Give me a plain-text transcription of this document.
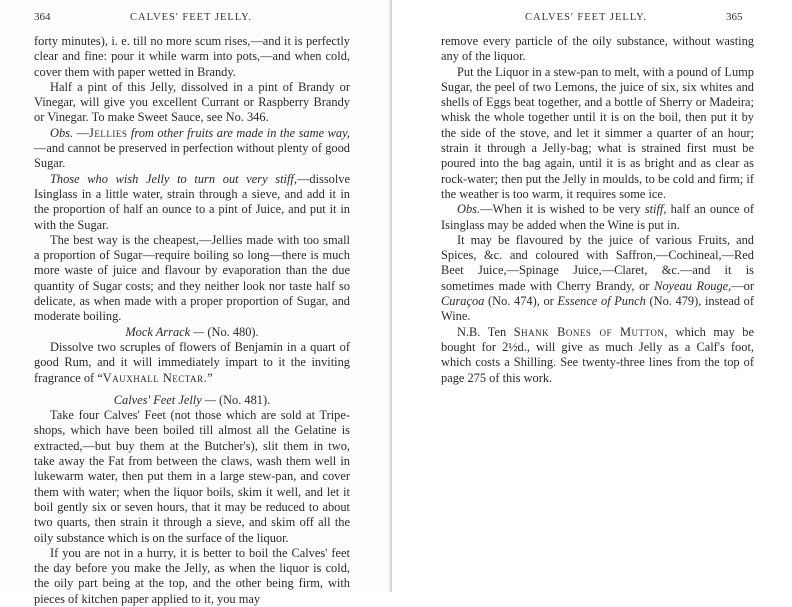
364	CALVES' FEET JELLY.

forty minutes), i. e. till no more scum rises,—and it is perfectly clear and fine: pour it while warm into pots,—and when cold, cover them with paper wetted in Brandy.

Half a pint of this Jelly, dissolved in a pint of Brandy or Vinegar, will give you excellent Currant or Raspberry Brandy or Vinegar. To make Sweet Sauce, see No. 346.

Obs. —Jellies from other fruits are made in the same way,—and cannot be preserved in perfection without plenty of good Sugar.

Those who wish Jelly to turn out very stiff,—dissolve Isinglass in a little water, strain through a sieve, and add it in the proportion of half an ounce to a pint of Juice, and put it in with the Sugar.

The best way is the cheapest,—Jellies made with too small a proportion of Sugar—require boiling so long—there is much more waste of juice and flavour by evaporation than the due quantity of Sugar costs; and they neither look nor taste half so delicate, as when made with a proper proportion of Sugar, and moderate boiling.

Mock Arrack — (No. 480).

Dissolve two scruples of flowers of Benjamin in a quart of good Rum, and it will immediately impart to it the inviting fragrance of “Vauxhall Nectar.”

Calves' Feet Jelly — (No. 481).

Take four Calves' Feet (not those which are sold at Tripe-shops, which have been boiled till almost all the Gelatine is extracted,—but buy them at the Butcher's), slit them in two, take away the Fat from between the claws, wash them well in lukewarm water, then put them in a large stew-pan, and cover them with water; when the liquor boils, skim it well, and let it boil gently six or seven hours, that it may be reduced to about two quarts, then strain it through a sieve, and skim off all the oily substance which is on the surface of the liquor.

If you are not in a hurry, it is better to boil the Calves' feet the day before you make the Jelly, as when the liquor is cold, the oily part being at the top, and the other being firm, with pieces of kitchen paper applied to it, you may

CALVES' FEET JELLY.	365

remove every particle of the oily substance, without wasting any of the liquor.

Put the Liquor in a stew-pan to melt, with a pound of Lump Sugar, the peel of two Lemons, the juice of six, six whites and shells of Eggs beat together, and a bottle of Sherry or Madeira; whisk the whole together until it is on the boil, then put it by the side of the stove, and let it simmer a quarter of an hour; strain it through a Jelly-bag; what is strained first must be poured into the bag again, until it is as bright and as clear as rock-water; then put the Jelly in moulds, to be cold and firm; if the weather is too warm, it requires some ice.

Obs.—When it is wished to be very stiff, half an ounce of Isinglass may be added when the Wine is put in.

It may be flavoured by the juice of various Fruits, and Spices, &c. and coloured with Saffron,—Cochineal,—Red Beet Juice,—Spinage Juice,—Claret, &c.—and it is sometimes made with Cherry Brandy, or Noyeau Rouge,—or Curaçoa (No. 474), or Essence of Punch (No. 479), instead of Wine.

N.B. Ten Shank Bones of Mutton, which may be bought for 2½d., will give as much Jelly as a Calf's foot, which costs a Shilling. See twenty-three lines from the top of page 275 of this work.
